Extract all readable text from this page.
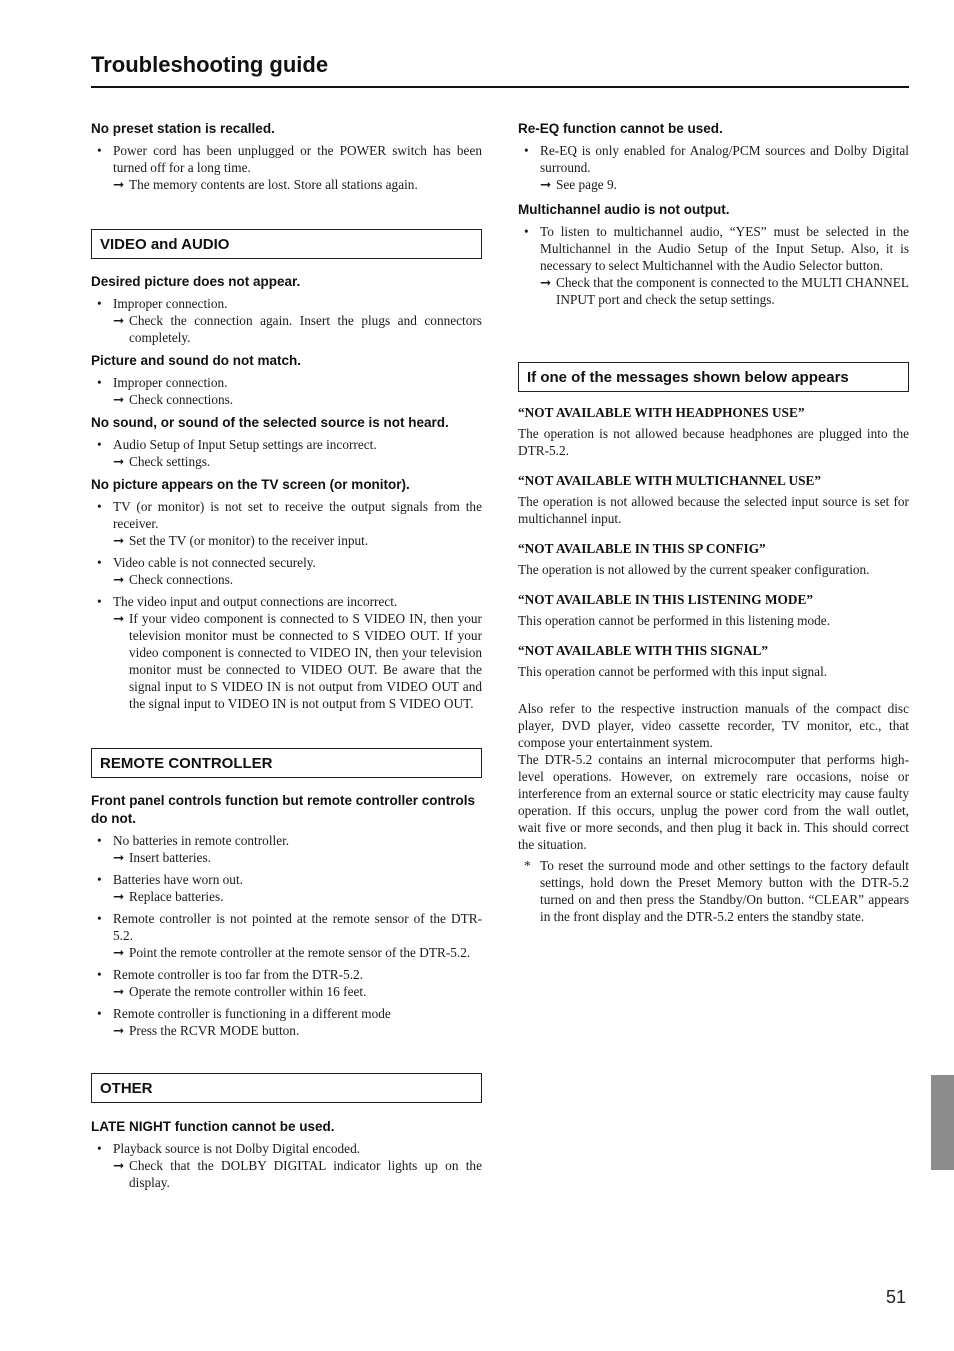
Troubleshooting guide
No preset station is recalled.
• Power cord has been unplugged or the POWER switch has been turned off for a long time.
➞ The memory contents are lost. Store all stations again.
VIDEO and AUDIO
Desired picture does not appear.
• Improper connection.
➞ Check the connection again. Insert the plugs and connectors completely.
Picture and sound do not match.
• Improper connection.
➞ Check connections.
No sound, or sound of the selected source is not heard.
• Audio Setup of Input Setup settings are incorrect.
➞ Check settings.
No picture appears on the TV screen (or monitor).
• TV (or monitor) is not set to receive the output signals from the receiver.
➞ Set the TV (or monitor) to the receiver input.
• Video cable is not connected securely.
➞ Check connections.
• The video input and output connections are incorrect.
➞ If your video component is connected to S VIDEO IN, then your television monitor must be connected to S VIDEO OUT. If your video component is connected to VIDEO IN, then your television monitor must be connected to VIDEO OUT. Be aware that the signal input to S VIDEO IN is not output from VIDEO OUT and the signal input to VIDEO IN is not output from S VIDEO OUT.
REMOTE CONTROLLER
Front panel controls function but remote controller controls do not.
• No batteries in remote controller.
➞ Insert batteries.
• Batteries have worn out.
➞ Replace batteries.
• Remote controller is not pointed at the remote sensor of the DTR-5.2.
➞ Point the remote controller at the remote sensor of the DTR-5.2.
• Remote controller is too far from the DTR-5.2.
➞ Operate the remote controller within 16 feet.
• Remote controller is functioning in a different mode
➞ Press the RCVR MODE button.
OTHER
LATE NIGHT function cannot be used.
• Playback source is not Dolby Digital encoded.
➞ Check that the DOLBY DIGITAL indicator lights up on the display.
Re-EQ function cannot be used.
• Re-EQ is only enabled for Analog/PCM sources and Dolby Digital surround.
➞ See page 9.
Multichannel audio is not output.
• To listen to multichannel audio, “YES” must be selected in the Multichannel in the Audio Setup of the Input Setup. Also, it is necessary to select Multichannel with the Audio Selector button.
➞ Check that the component is connected to the MULTI CHANNEL INPUT port and check the setup settings.
If one of the messages shown below appears
“NOT AVAILABLE WITH HEADPHONES USE”
The operation is not allowed because headphones are plugged into the DTR-5.2.
“NOT AVAILABLE WITH MULTICHANNEL USE”
The operation is not allowed because the selected input source is set for multichannel input.
“NOT AVAILABLE IN THIS SP CONFIG”
The operation is not allowed by the current speaker configuration.
“NOT AVAILABLE IN THIS LISTENING MODE”
This operation cannot be performed in this listening mode.
“NOT AVAILABLE WITH THIS SIGNAL”
This operation cannot be performed with this input signal.
Also refer to the respective instruction manuals of the compact disc player, DVD player, video cassette recorder, TV monitor, etc., that compose your entertainment system.
The DTR-5.2 contains an internal microcomputer that performs high-level operations. However, on extremely rare occasions, noise or interference from an external source or static electricity may cause faulty operation. If this occurs, unplug the power cord from the wall outlet, wait five or more seconds, and then plug it back in. This should correct the situation.
* To reset the surround mode and other settings to the factory default settings, hold down the Preset Memory button with the DTR-5.2 turned on and then press the Standby/On button. “CLEAR” appears in the front display and the DTR-5.2 enters the standby state.
51
